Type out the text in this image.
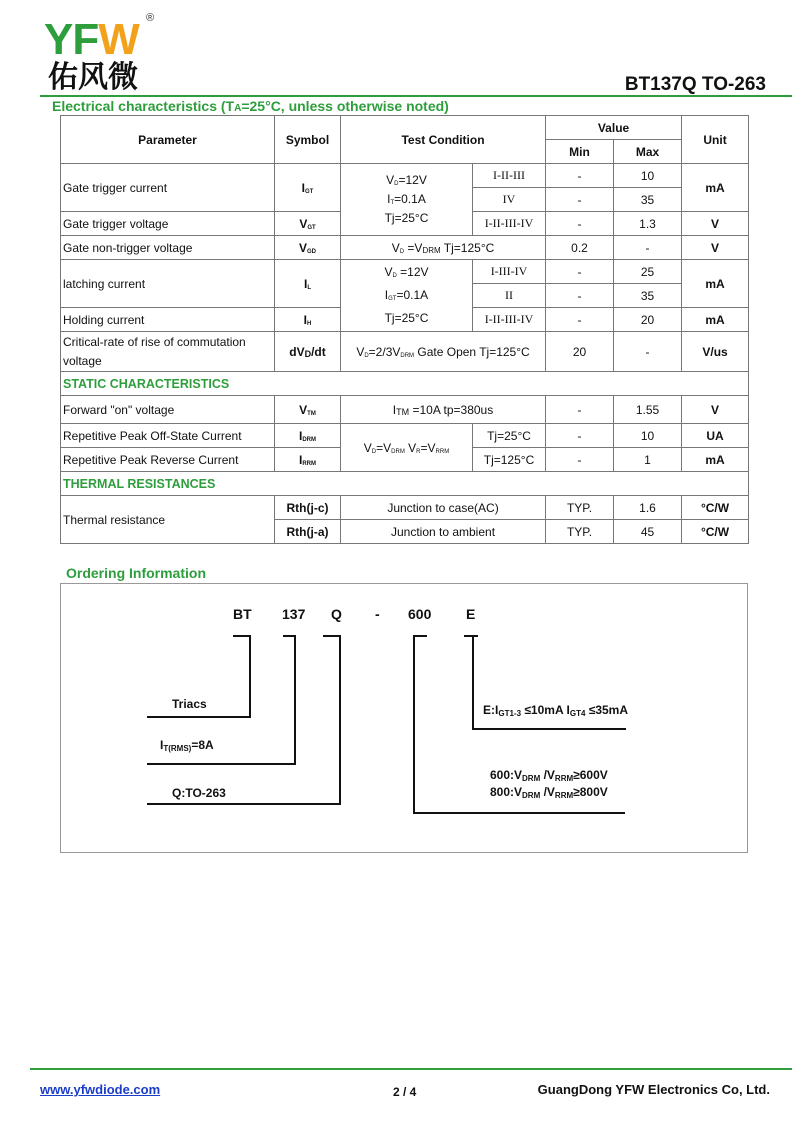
YFW ®
佑风微	BT137Q TO-263
Electrical characteristics (TA=25°C, unless otherwise noted)
Parameter	Symbol	Test Condition		Value		Unit
				Min	Max	
Gate trigger current	IGT	VD=12V
IT=0.1A
Tj=25°C	I-II-III	-	10	mA
			IV	-	35	
Gate trigger voltage	VGT		I-II-III-IV	-	1.3	V
Gate non-trigger voltage	VGD	VD =VDRM Tj=125°C		0.2	-	V
latching current	IL	VD =12V
IGT=0.1A
Tj=25°C	I-III-IV	-	25	mA
			II	-	35	
Holding current	IH		I-II-III-IV	-	20	mA
Critical-rate of rise of commutation voltage	dVD/dt	VD=2/3VDRM Gate Open Tj=125°C		20	-	V/us
STATIC CHARACTERISTICS						
Forward "on" voltage	VTM	ITM =10A tp=380us		-	1.55	V
Repetitive Peak Off-State Current	IDRM	VD=VDRM VR=VRRM	Tj=25°C	-	10	UA
Repetitive Peak Reverse Current	IRRM		Tj=125°C	-	1	mA
THERMAL RESISTANCES						
Thermal resistance	Rth(j-c)	Junction to case(AC)		TYP.	1.6	°C/W
	Rth(j-a)	Junction to ambient		TYP.	45	°C/W
Ordering Information
BT 137 Q - 600 E
Triacs
IT(RMS)=8A
Q:TO-263
E:IGT1-3 ≤10mA IGT4 ≤35mA
600:VDRM /VRRM≥600V
800:VDRM /VRRM≥800V
www.yfwdiode.com	2 / 4	GuangDong YFW Electronics Co, Ltd.
